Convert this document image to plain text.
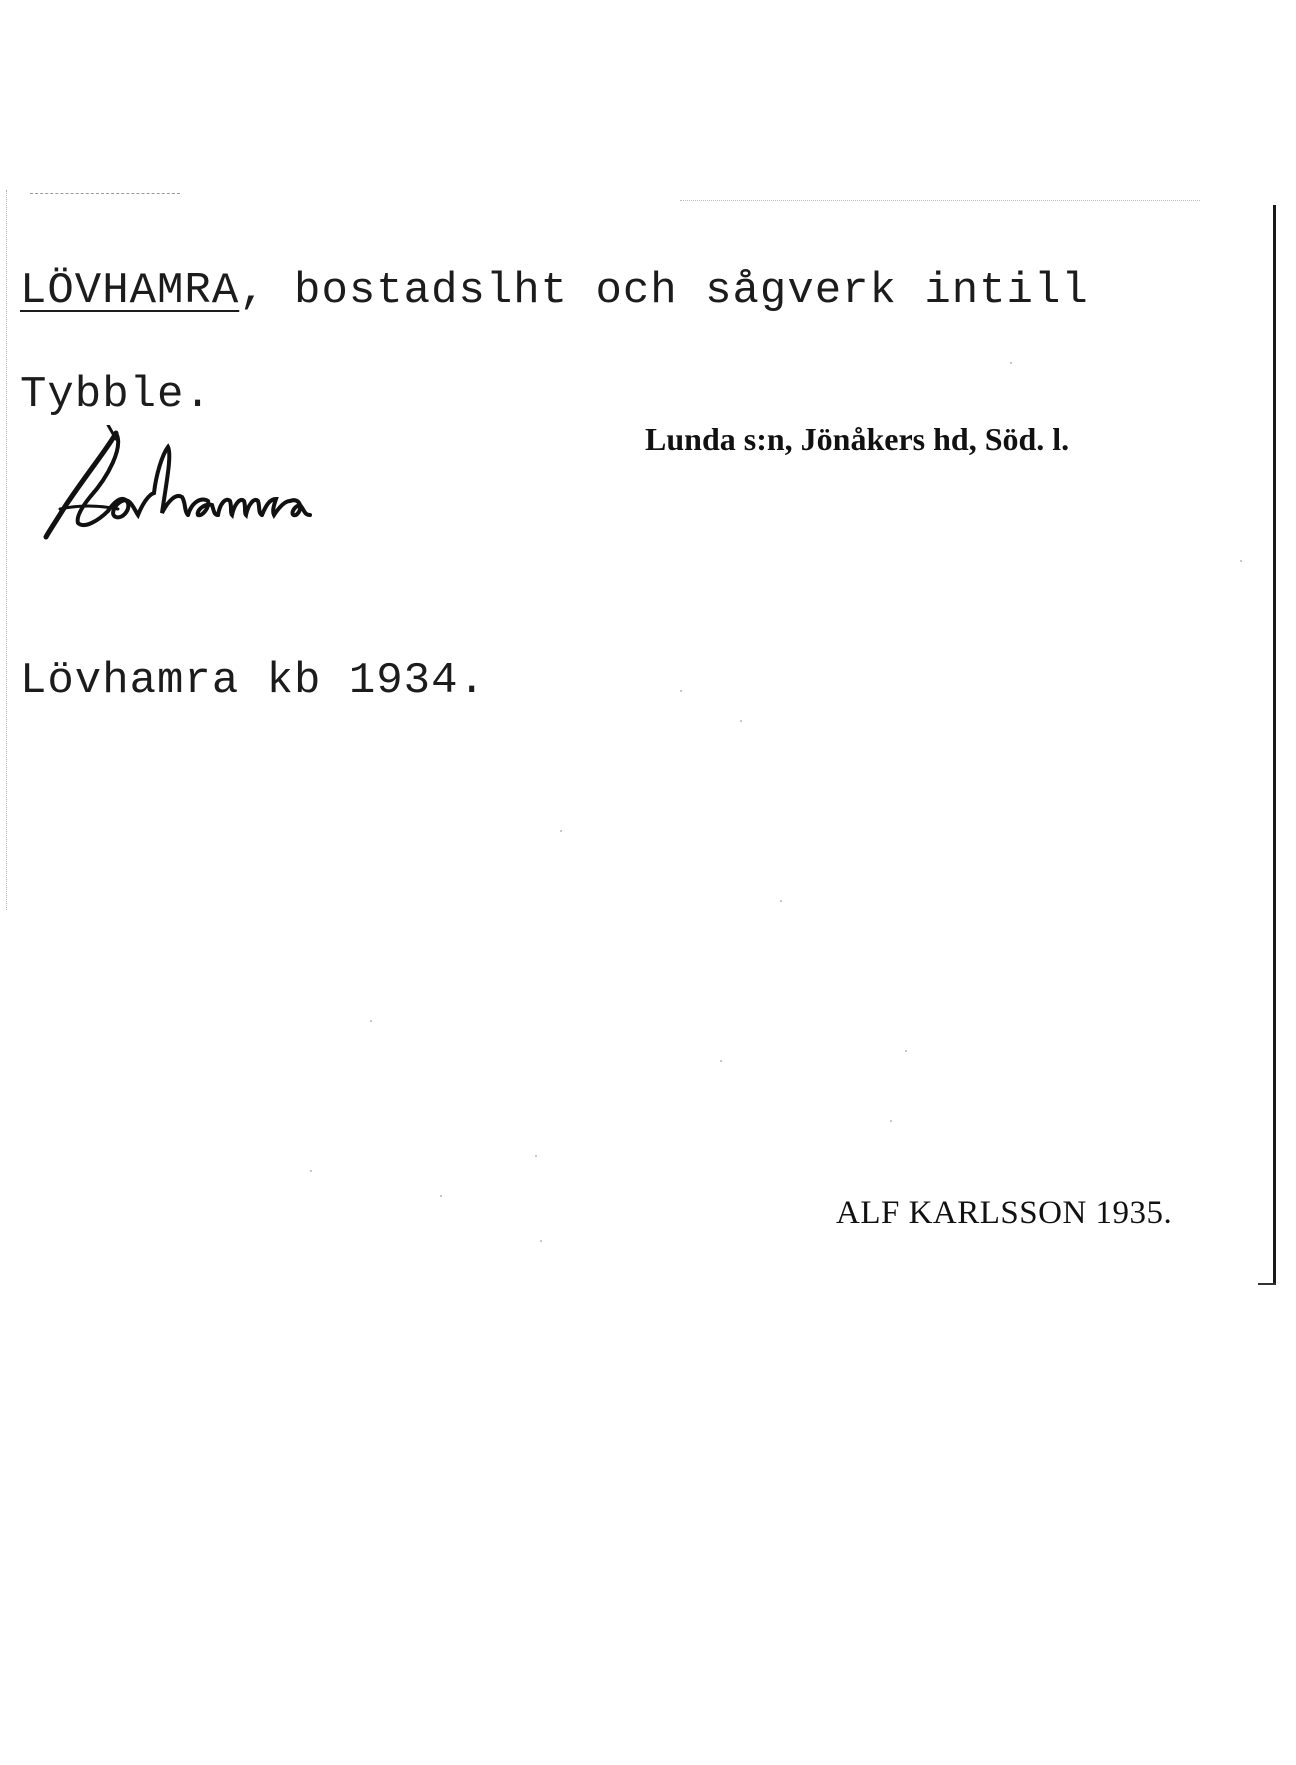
LÖVHAMRA, bostadslht och sågverk intill
Tybble.
Lunda s:n, Jönåkers hd, Söd. l.
Lövhamra kb 1934.
ALF KARLSSON 1935.
